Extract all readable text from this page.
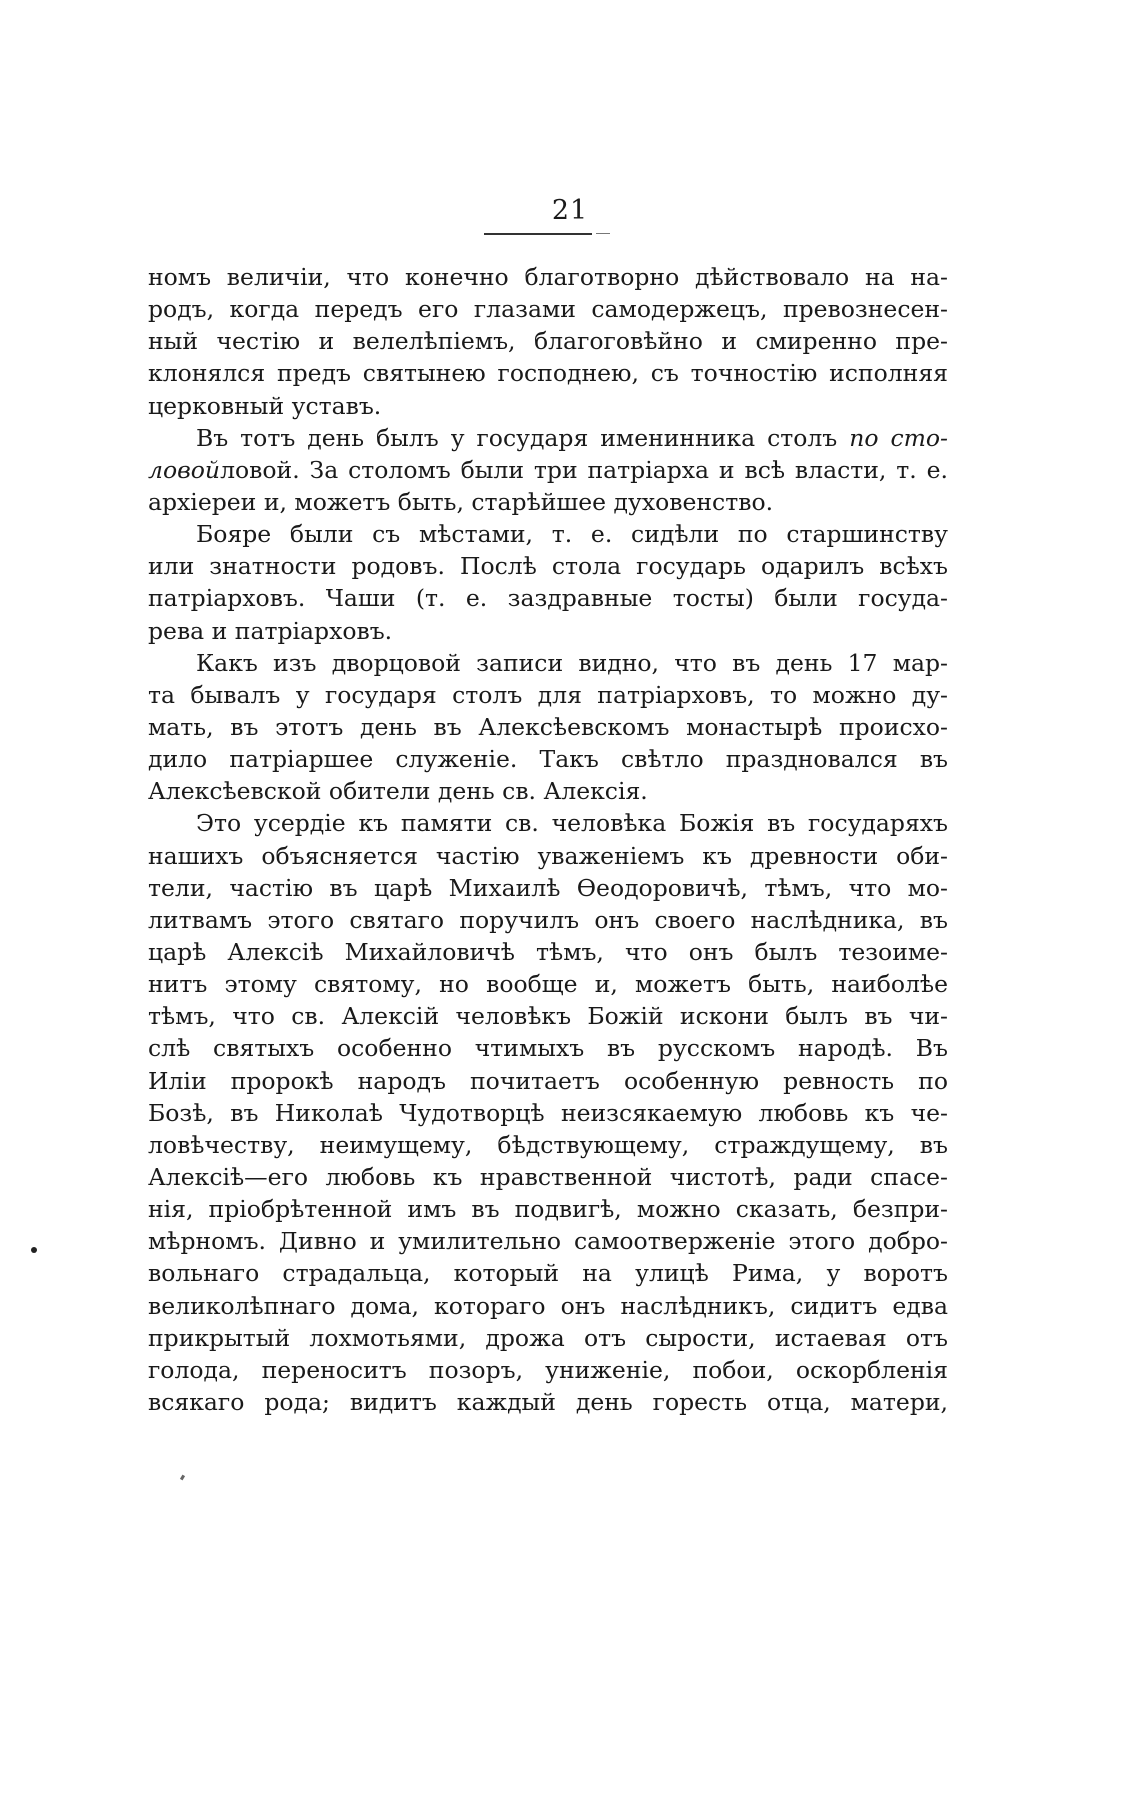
21
номъ величіи, что конечно благотворно дѣйствовало на на-
родъ, когда передъ его глазами самодержецъ, превознесен-
ный честію и велелѣпіемъ, благоговѣйно и смиренно пре-
клонялся предъ святынею господнею, съ точностію исполняя
церковный уставъ.
Въ тотъ день былъ у государя именинника столъ по сто-
ловойловой. За столомъ были три патріарха и всѣ власти, т. е.
архіереи и, можетъ быть, старѣйшее духовенство.
Бояре были съ мѣстами, т. е. сидѣли по старшинству
или знатности родовъ. Послѣ стола государь одарилъ всѣхъ
патріарховъ. Чаши (т. е. заздравные тосты) были госуда-
рева и патріарховъ.
Какъ изъ дворцовой записи видно, что въ день 17 мар-
та бывалъ у государя столъ для патріарховъ, то можно ду-
мать, въ этотъ день въ Алексѣевскомъ монастырѣ происхо-
дило патріаршее служеніе. Такъ свѣтло праздновался въ
Алексѣевской обители день св. Алексія.
Это усердіе къ памяти св. человѣка Божія въ государяхъ
нашихъ объясняется частію уваженіемъ къ древности оби-
тели, частію въ царѣ Михаилѣ Өеодоровичѣ, тѣмъ, что мо-
литвамъ этого святаго поручилъ онъ своего наслѣдника, въ
царѣ Алексіѣ Михайловичѣ тѣмъ, что онъ былъ тезоиме-
нитъ этому святому, но вообще и, можетъ быть, наиболѣе
тѣмъ, что св. Алексій человѣкъ Божій искони былъ въ чи-
слѣ святыхъ особенно чтимыхъ въ русскомъ народѣ. Въ
Иліи пророкѣ народъ почитаетъ особенную ревность по
Бозѣ, въ Николаѣ Чудотворцѣ неизсякаемую любовь къ че-
ловѣчеству, неимущему, бѣдствующему, страждущему, въ
Алексіѣ—его любовь къ нравственной чистотѣ, ради спасе-
нія, пріобрѣтенной имъ въ подвигѣ, можно сказать, безпри-
мѣрномъ. Дивно и умилительно самоотверженіе этого добро-
вольнаго страдальца, который на улицѣ Рима, у воротъ
великолѣпнаго дома, котораго онъ наслѣдникъ, сидитъ едва
прикрытый лохмотьями, дрожа отъ сырости, истаевая отъ
голода, переноситъ позоръ, униженіе, побои, оскорбленія
всякаго рода; видитъ каждый день горесть отца, матери,
